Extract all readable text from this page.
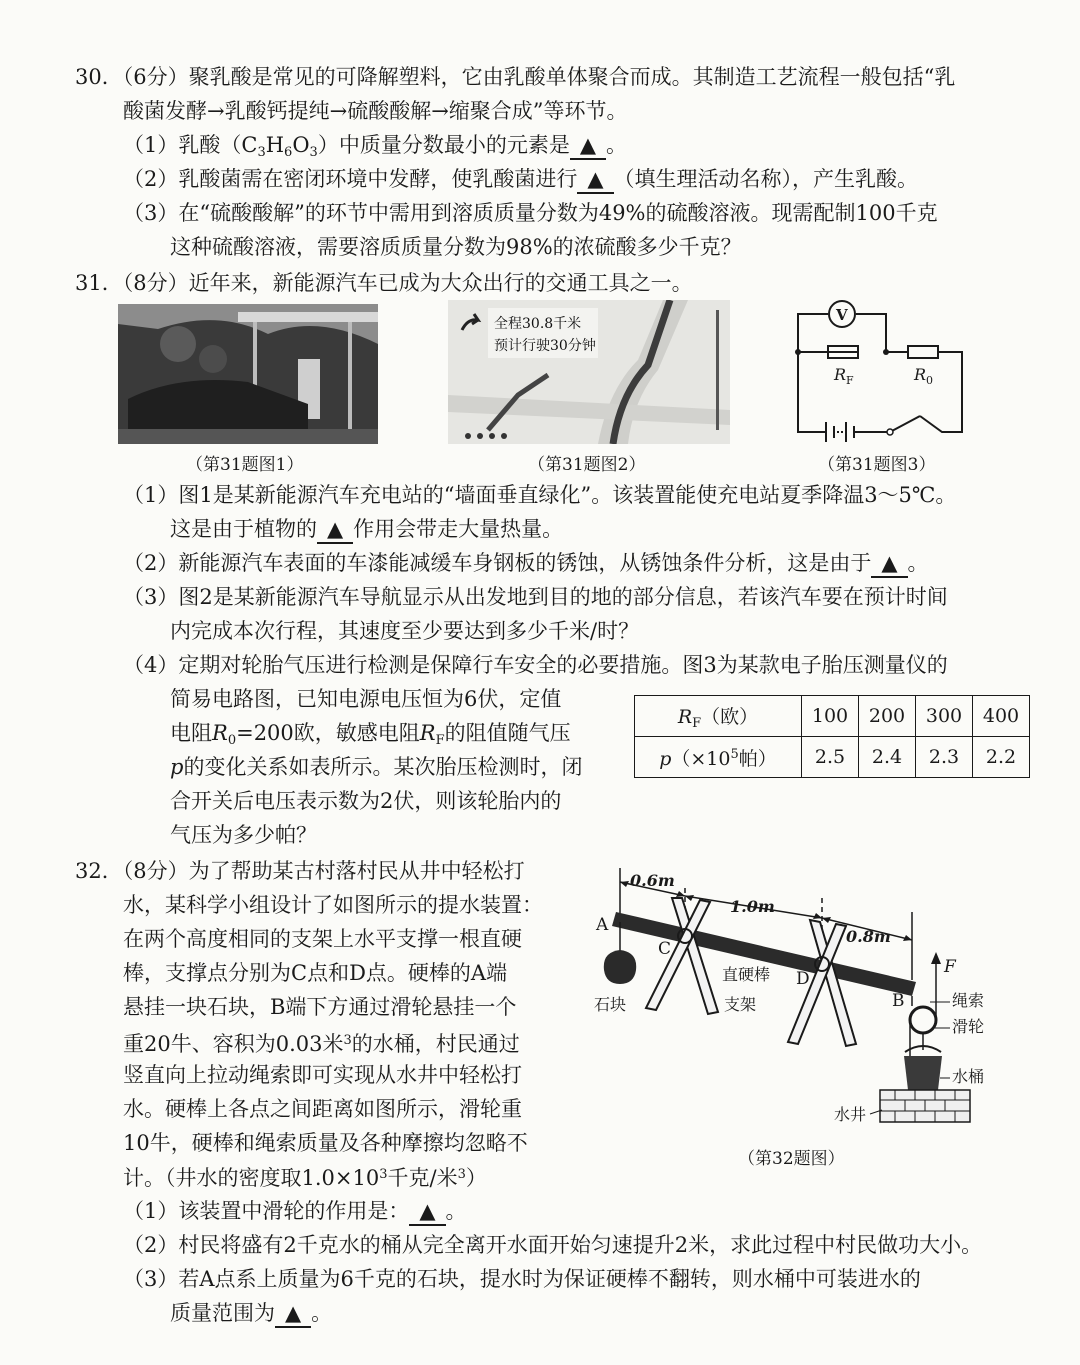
30．（6分）聚乳酸是常见的可降解塑料，它由乳酸单体聚合而成。其制造工艺流程一般包括“乳
酸菌发酵→乳酸钙提纯→硫酸酸解→缩聚合成”等环节。
（1）乳酸$(C_3H_6O_3)$中质量分数最小的元素是 ▲ 。
（2）乳酸菌需在密闭环境中发酵，使乳酸菌进行 ▲ （填生理活动名称），产生乳酸。
（3）在“硫酸酸解”的环节中需用到溶质质量分数为49%的硫酸溶液。现需配制100千克
这种硫酸溶液，需要溶质质量分数为98%的浓硫酸多少千克？
31．（8分）近年来，新能源汽车已成为大众出行的交通工具之一。
（第31题图1）
全程30.8千米
预计行驶30分钟
（第31题图2）
V
R F	R 0
（第31题图3）
（1）图1是某新能源汽车充电站的“墙面垂直绿化”。该装置能使充电站夏季降温3～5℃。
这是由于植物的 ▲ 作用会带走大量热量。
（2）新能源汽车表面的车漆能减缓车身钢板的锈蚀，从锈蚀条件分析，这是由于 ▲ 。
（3）图2是某新能源汽车导航显示从出发地到目的地的部分信息，若该汽车要在预计时间
内完成本次行程，其速度至少要达到多少千米/时？
（4）定期对轮胎气压进行检测是保障行车安全的必要措施。图3为某款电子胎压测量仪的
简易电路图，已知电源电压恒为6伏，定值
电阻$R_0=200$欧，敏感电阻$R_F$的阻值随气压
p的变化关系如表所示。某次胎压检测时，闭
合开关后电压表示数为2伏，则该轮胎内的
气压为多少帕？
$R_F$（欧）	100	200	300	400
$p(\times 10^5$帕）	2.5	2.4	2.3	2.2
32．（8分）为了帮助某古村落村民从井中轻松打
水，某科学小组设计了如图所示的提水装置：
在两个高度相同的支架上水平支撑一根直硬
棒，支撑点分别为C点和D点。硬棒的A端
悬挂一块石块，B端下方通过滑轮悬挂一个
重20牛、容积为0.03米$^3$的水桶，村民通过
竖直向上拉动绳索即可实现从水井中轻松打
水。硬棒上各点之间距离如图所示，滑轮重
10牛，硬棒和绳索质量及各种摩擦均忽略不
计。（井水的密度取$1.0\times 10^3$千克/米$^3$）
0.6m
1.0m
0.8m
A
C
D
B
F
石块
直硬棒
支架	绳索
滑轮
水桶
水井
（第32题图）
（1）该装置中滑轮的作用是： ▲ 。
（2）村民将盛有2千克水的桶从完全离开水面开始匀速提升2米，求此过程中村民做功大小。
（3）若A点系上质量为6千克的石块，提水时为保证硬棒不翻转，则水桶中可装进水的
质量范围为 ▲ 。
